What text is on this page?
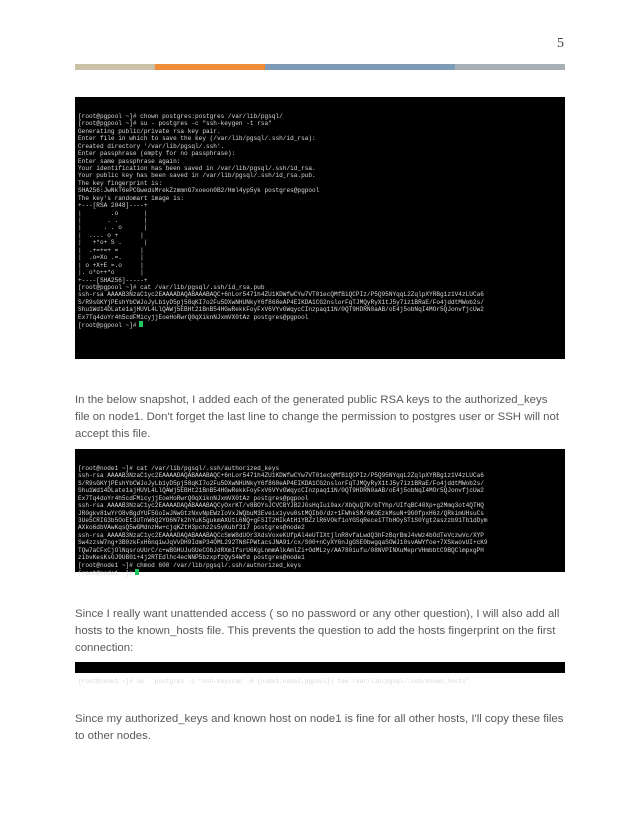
5

[root@pgpool ~]# chown postgres:postgres /var/lib/pgsql/
[root@pgpool ~]# su - postgres -c "ssh-keygen -t rsa"
Generating public/private rsa key pair.
Enter file in which to save the key (/var/lib/pgsql/.ssh/id_rsa):
Created directory '/var/lib/pgsql/.ssh'.
Enter passphrase (empty for no passphrase):
Enter same passphrase again:
Your identification has been saved in /var/lib/pgsql/.ssh/id_rsa.
Your public key has been saved in /var/lib/pgsql/.ssh/id_rsa.pub.
The key fingerprint is:
SHA256:JwNkT6ePCGwedsMrekZzmmnG7xoeon0B2/Hml4yp5yk postgres@pgpool
The key's randomart image is:
+---[RSA 2048]----+
|        .o       |
|       . .       |
|      . . o      |
|  .... o +      |
|   +*o+ S .      |
|  .+=+=+ =      |
|  .o=Xo .=.     |
| o +X+E =.o     |
|. o*o++*o       |
+----[SHA256]-----+
[root@pgpool ~]# cat /var/lib/pgsql/.ssh/id_rsa.pub
ssh-rsa AAAAB3NzaC1yc2EAAAADAQABAAABAQC+6nLor5471h4ZU1KDWfwCYw7VT01ecQMfBiQCPIz/P5Q95NYqqL2ZqlpXYRBg1z1V4zLUCa6
S/R9sGKYjPEshYbCWJoJyLb1yD5pj58qKI7o2Fu5DXwNHUNkyY6f868eAP4EIKDA1CG2nslorFqTJMQyRyX1tJ5y7iz1BRaE/Fo4jddtMWob2s/
Shu1Wd14DLate1ajHUVL4LlQAWj5EBHt21BnB54HGwRekkFoyFxV6VYvGWqycCInzpaq11N/0QT9HDRN0aAB/oE4j5obNqI4MOr5QJonvfjcUw2
Ex7Tq4doYr4h5cdFMicyjjEoeHoRwrQ0qXiknNJxmVX0tAz postgres@pgpool
[root@pgpool ~]#

In the below snapshot, I added each of the generated public RSA keys to the authorized_keys file on node1. Don't forget the last line to change the permission to postgres user or SSH will not accept this file.

[root@node1 ~]# cat /var/lib/pgsql/.ssh/authorized_keys
ssh-rsa AAAAB3NzaC1yc2EAAAADAQABAAABAQC+6nLor5471h4ZU1KDWfwCYw7VT01ecQMfBiQCPIz/P5Q95NYqqL2ZqlpXYRBg1z1V4zLUCa6
S/R9sGKYjPEshYbCWJoJyLb1yD5pj58qKI7o2Fu5DXwNHUNkyY6f868eAP4EIKDA1CG2nslorFqTJMQyRyX1tJ5y7iz1BRaE/Fo4jddtMWob2s/
Shu1Wd14DLate1ajHUVL4LlQAWj5EBHt21BnB54HGwRekkFoyFxV6VYvGWqycCInzpaq11N/0QT9HDRN0aAB/oE4j5obNqI4MOr5QJonvfjcUw2
Ex7Tq4doYr4h5cdFMicyjjEoeHoRwrQ0qXiknNJxmVX0tAz postgres@pgpool
ssh-rsa AAAAB3NzaC1yc2EAAAADAQABAAABAQCyOxrKT/v8BOYsJCVCBYJB2JGsHqIui9ax/XbQuQ7K/bTYhp/UIfqBC40Xp+g2Mmq3ot4QTHQ
JR0gkv81wYrO8vBgdYUF5GoIwJNwGtzNxvNpEWzIoVxJWQbuM3Eveix1yvu0stMQIb0/dz+1FWhkSM/6KOEzkMsuN+9G0fpxH6z/QRkimUHsuCs
3Ue5CRIG3b5OoEt3UTnW6Q2YO6N7k2hYuK5gukmAXUtL6NQ+gFSIT2HIkAtH1YBZzlR6VOkf1oYGSqRece1TTbHOyST1S0Ygt2aszzb91Tb1dDym
AXko6dbVAwKqsQ5wGMdnzHw+cjqKZtH3pchz2s5yKubf317 postgres@node2
ssh-rsa AAAAB3NzaC1yc2EAAAADAQABAAABAQCcSmW8dUOr3XdsVoxeKUfpAl4eUTIXtjlnR8vfaLwdQ3hFzBqrBmJ4vWz4bOdTeVczwVc/XYP
Sw4zzsW7ng+3B0zkFxH6nqiwJqVvDH9IdmP34OML292TN8FPWtacsJNA91/cx/S00+nCyXY6nJgGSE0bwgqaSOWJ10svAWYfoe+7XSkwovUI+cK9
TQw7aCFxCjOlNqsroUUrC/c+wBGHUJuGUeCObJdRXmIfsrU6KgLnmmAlkAmlZi+OdMLzy/AA780iufu/08NVPINXuMeprVHmbbtC9BQClmpxgPH
zibvKesKsGJ9UB0i+4j2RTEdlhc4ecNNP5bzxpfzQyS4Wfd postgres@node1
[root@node1 ~]# chmod 600 /var/lib/pgsql/.ssh/authorized_keys
[root@node1 ~]#

Since I really want unattended access ( so no password or any other question), I will also add all hosts to the known_hosts file. This prevents the question to add the hosts fingerprint on the first connection:

[root@node1 ~]# su - postgres -c "ssh-keyscan -H {node1,node2,pgpool}| tee /var/lib/pgsql/.ssh/known_hosts"

Since my authorized_keys and known host on node1 is fine for all other hosts, I'll copy these files to other nodes.
